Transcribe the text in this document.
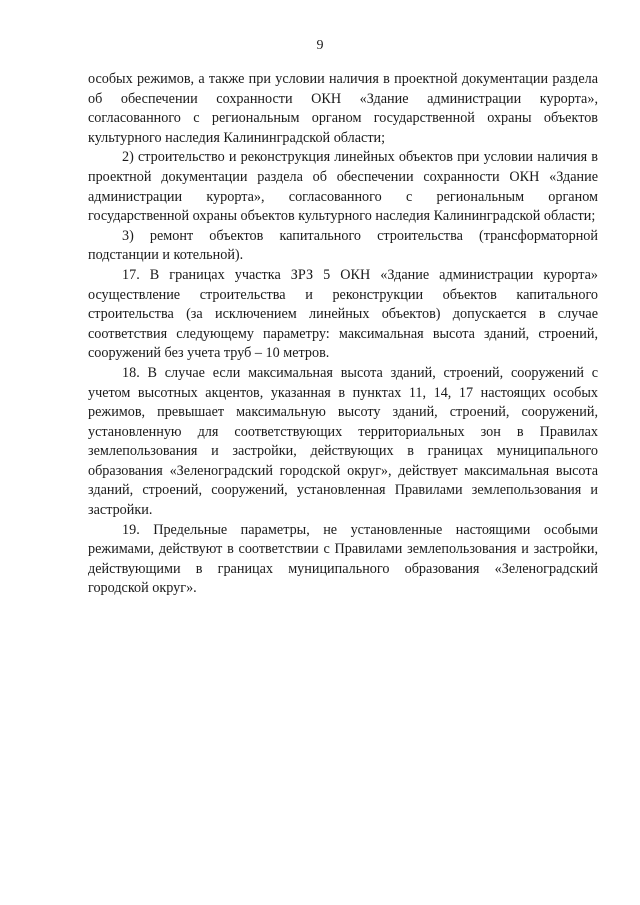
9

особых режимов, а также при условии наличия в проектной документации раздела об обеспечении сохранности ОКН «Здание администрации курорта», согласованного с региональным органом государственной охраны объектов культурного наследия Калининградской области;

2) строительство и реконструкция линейных объектов при условии наличия в проектной документации раздела об обеспечении сохранности ОКН «Здание администрации курорта», согласованного с региональным органом государственной охраны объектов культурного наследия Калининградской области;

3) ремонт объектов капитального строительства (трансформаторной подстанции и котельной).

17. В границах участка ЗРЗ 5 ОКН «Здание администрации курорта» осуществление строительства и реконструкции объектов капитального строительства (за исключением линейных объектов) допускается в случае соответствия следующему параметру: максимальная высота зданий, строений, сооружений без учета труб – 10 метров.

18. В случае если максимальная высота зданий, строений, сооружений с учетом высотных акцентов, указанная в пунктах 11, 14, 17 настоящих особых режимов, превышает максимальную высоту зданий, строений, сооружений, установленную для соответствующих территориальных зон в Правилах землепользования и застройки, действующих в границах муниципального образования «Зеленоградский городской округ», действует максимальная высота зданий, строений, сооружений, установленная Правилами землепользования и застройки.

19. Предельные параметры, не установленные настоящими особыми режимами, действуют в соответствии с Правилами землепользования и застройки, действующими в границах муниципального образования «Зеленоградский городской округ».
